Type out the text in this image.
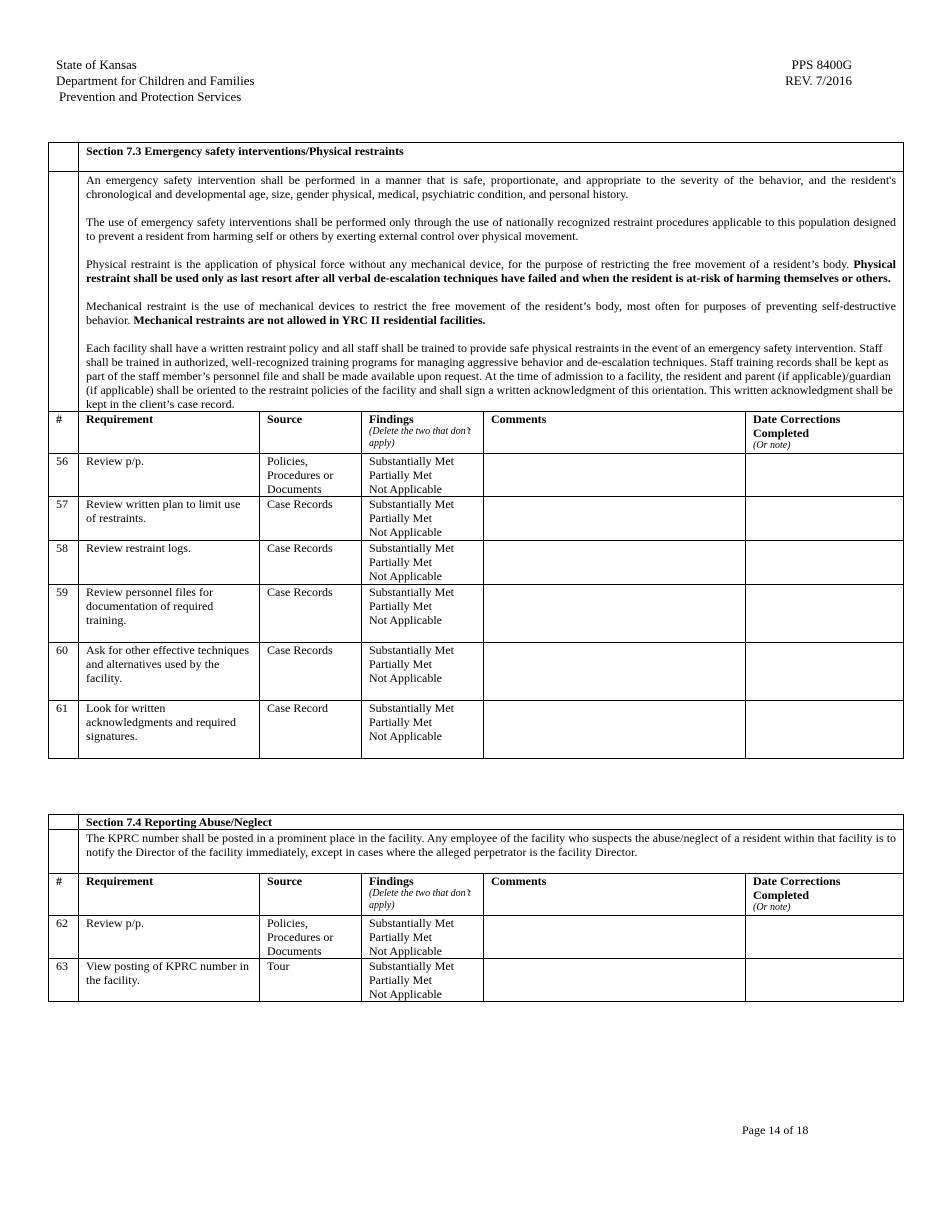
State of Kansas
Department for Children and Families
Prevention and Protection Services
PPS 8400G
REV. 7/2016
	Section 7.3 Emergency safety interventions/Physical restraints				

	An emergency safety intervention shall be performed in a manner that is safe, proportionate, and appropriate to the severity of the behavior, and the resident's chronological and developmental age, size, gender physical, medical, psychiatric condition, and personal history.

The use of emergency safety interventions shall be performed only through the use of nationally recognized restraint procedures applicable to this population designed to prevent a resident from harming self or others by exerting external control over physical movement.

Physical restraint is the application of physical force without any mechanical device, for the purpose of restricting the free movement of a resident’s body. Physical restraint shall be used only as last resort after all verbal de-escalation techniques have failed and when the resident is at-risk of harming themselves or others.

Mechanical restraint is the use of mechanical devices to restrict the free movement of the resident’s body, most often for purposes of preventing self-destructive behavior. Mechanical restraints are not allowed in YRC II residential facilities.

Each facility shall have a written restraint policy and all staff shall be trained to provide safe physical restraints in the event of an emergency safety intervention. Staff shall be trained in authorized, well-recognized training programs for managing aggressive behavior and de-escalation techniques. Staff training records shall be kept as part of the staff member’s personnel file and shall be made available upon request. At the time of admission to a facility, the resident and parent (if applicable)/guardian (if applicable) shall be oriented to the restraint policies of the facility and shall sign a written acknowledgment of this orientation. This written acknowledgment shall be kept in the client’s case record.				

#	Requirement	Source	Findings
(Delete the two that don’t apply)	Comments	Date Corrections Completed
(Or note)

56	Review p/p.	Policies, Procedures or Documents	Substantially Met
Partially Met
Not Applicable		

57	Review written plan to limit use of restraints.	Case Records	Substantially Met
Partially Met
Not Applicable		

58	Review restraint logs.	Case Records	Substantially Met
Partially Met
Not Applicable		

59	Review personnel files for documentation of required training.	Case Records	Substantially Met
Partially Met
Not Applicable		

60	Ask for other effective techniques and alternatives used by the facility.	Case Records	Substantially Met
Partially Met
Not Applicable		

61	Look for written acknowledgments and required signatures.	Case Record	Substantially Met
Partially Met
Not Applicable		

	Section 7.4 Reporting Abuse/Neglect				

	The KPRC number shall be posted in a prominent place in the facility. Any employee of the facility who suspects the abuse/neglect of a resident within that facility is to notify the Director of the facility immediately, except in cases where the alleged perpetrator is the facility Director.				

#	Requirement	Source	Findings
(Delete the two that don’t apply)	Comments	Date Corrections Completed
(Or note)

62	Review p/p.	Policies, Procedures or Documents	Substantially Met
Partially Met
Not Applicable		

63	View posting of KPRC number in the facility.	Tour	Substantially Met
Partially Met
Not Applicable		

Page 14 of 18
